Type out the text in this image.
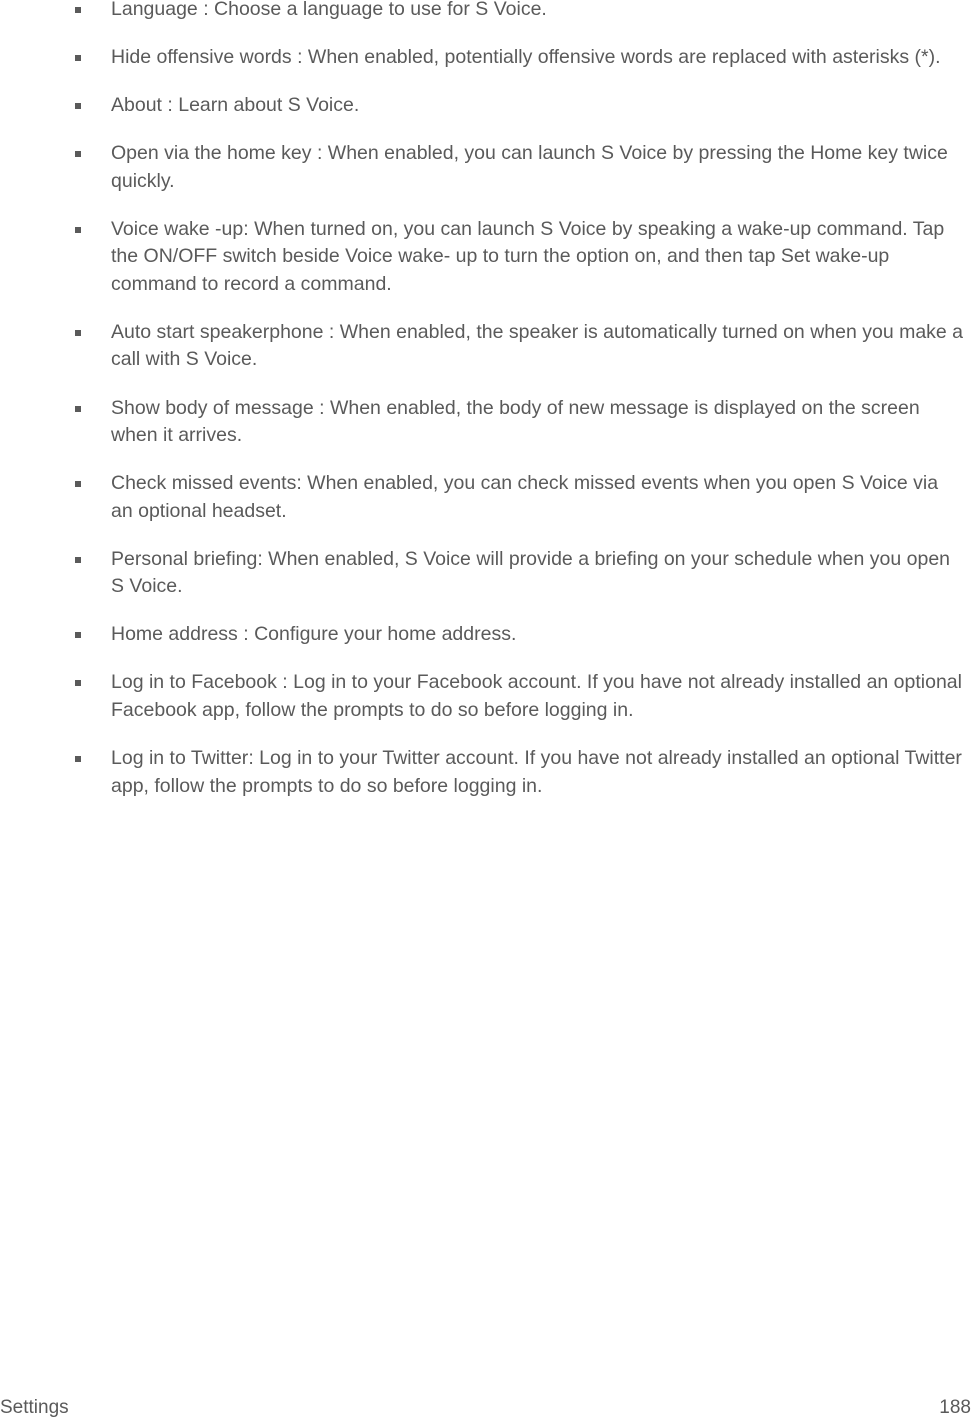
Language : Choose a language to use for S Voice.
Hide offensive words : When enabled, potentially offensive words are replaced with asterisks (*).
About : Learn about S Voice.
Open via the home key : When enabled, you can launch S Voice by pressing the Home key twice quickly.
Voice wake -up: When turned on, you can launch S Voice by speaking a wake-up command. Tap the ON/OFF switch beside Voice wake- up to turn the option on, and then tap Set wake-up command to record a command.
Auto start speakerphone : When enabled, the speaker is automatically turned on when you make a call with S Voice.
Show body of message : When enabled, the body of new message is displayed on the screen when it arrives.
Check missed events: When enabled, you can check missed events when you open S Voice via an optional headset.
Personal briefing: When enabled, S Voice will provide a briefing on your schedule when you open S Voice.
Home address : Configure your home address.
Log in to Facebook : Log in to your Facebook account. If you have not already installed an optional Facebook app, follow the prompts to do so before logging in.
Log in to Twitter: Log in to your Twitter account. If you have not already installed an optional Twitter app, follow the prompts to do so before logging in.
Settings	188
